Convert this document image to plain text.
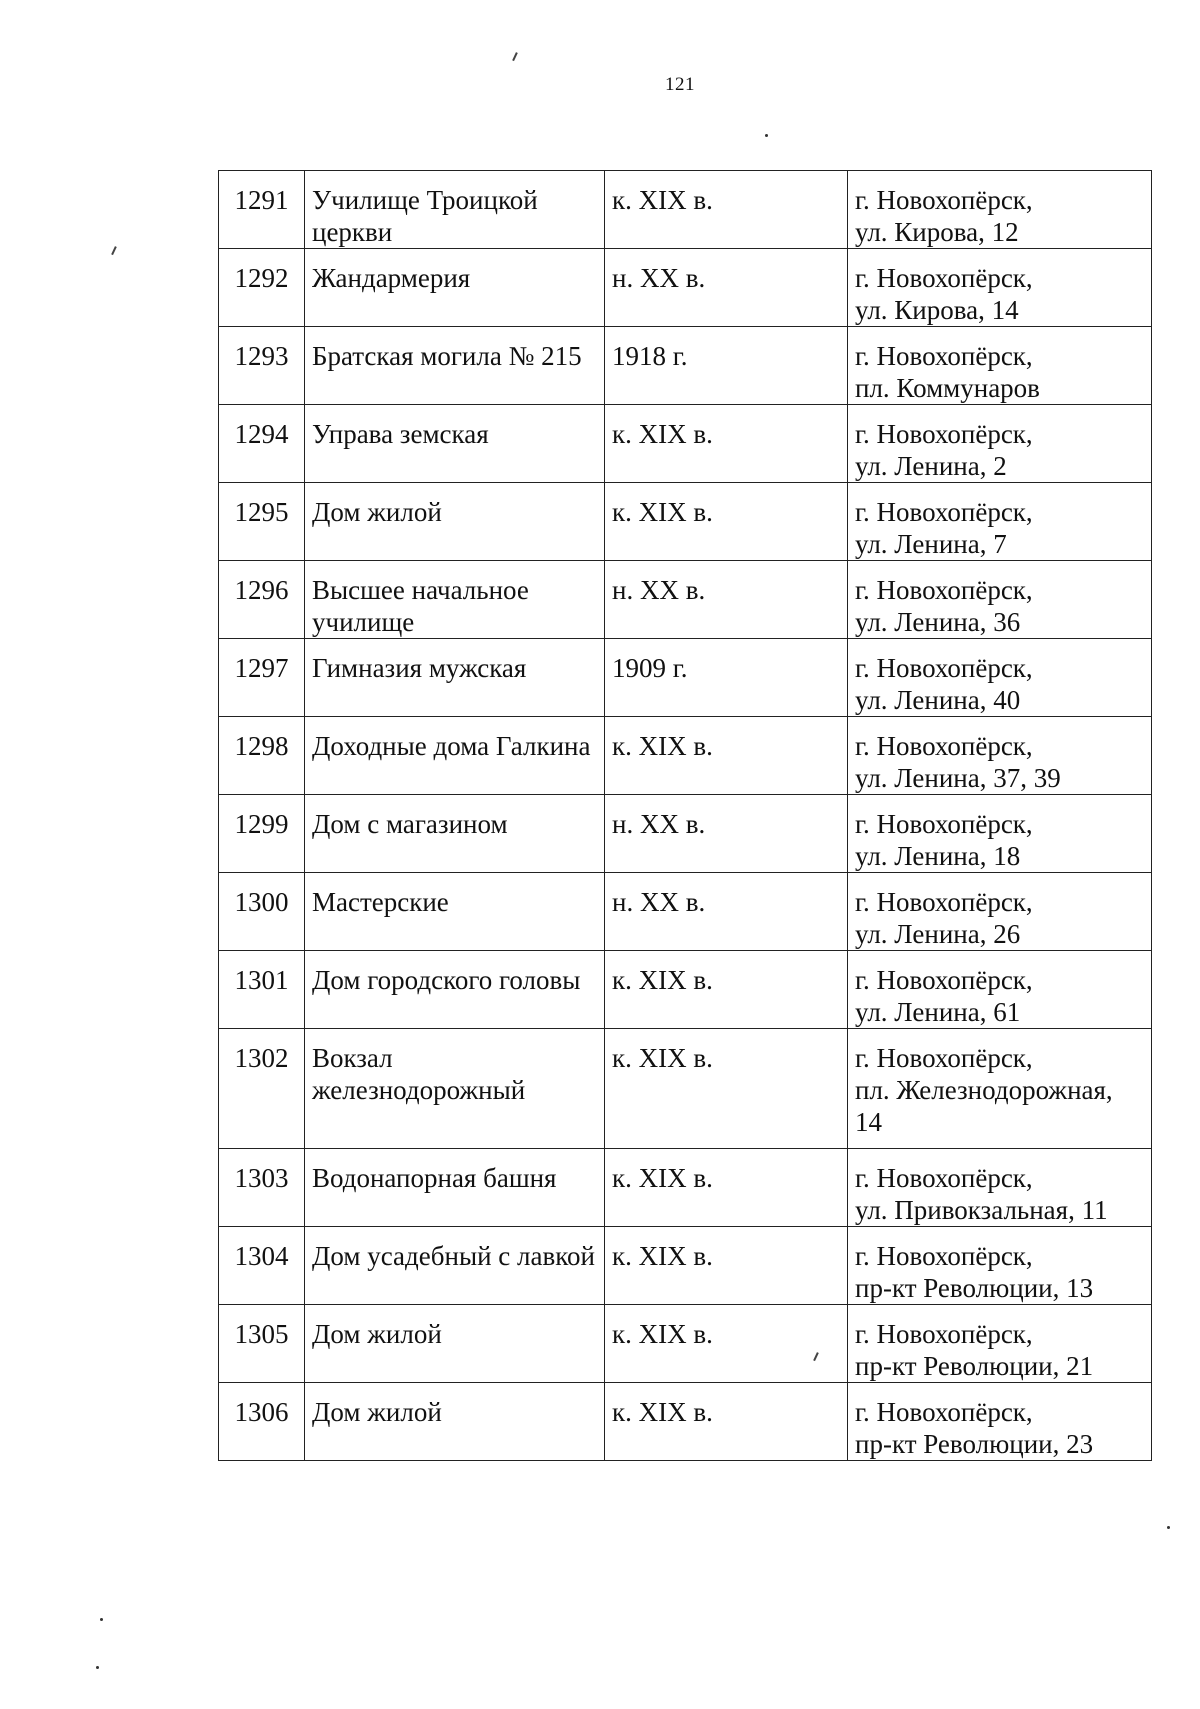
121
1291	Училище Троицкой церкви	к. XIX в.	г. Новохопёрск,
ул. Кирова, 12

1292	Жандармерия	н. XX в.	г. Новохопёрск,
ул. Кирова, 14

1293	Братская могила № 215	1918 г.	г. Новохопёрск,
пл. Коммунаров

1294	Управа земская	к. XIX в.	г. Новохопёрск,
ул. Ленина, 2

1295	Дом жилой	к. XIX в.	г. Новохопёрск,
ул. Ленина, 7

1296	Высшее начальное училище	н. XX в.	г. Новохопёрск,
ул. Ленина, 36

1297	Гимназия мужская	1909 г.	г. Новохопёрск,
ул. Ленина, 40

1298	Доходные дома Галкина	к. XIX в.	г. Новохопёрск,
ул. Ленина, 37, 39

1299	Дом с магазином	н. XX в.	г. Новохопёрск,
ул. Ленина, 18

1300	Мастерские	н. XX в.	г. Новохопёрск,
ул. Ленина, 26

1301	Дом городского головы	к. XIX в.	г. Новохопёрск,
ул. Ленина, 61

1302	Вокзал железнодорожный	к. XIX в.	г. Новохопёрск,
пл. Железнодорожная,
14

1303	Водонапорная башня	к. XIX в.	г. Новохопёрск,
ул. Привокзальная, 11

1304	Дом усадебный с лавкой	к. XIX в.	г. Новохопёрск,
пр-кт Революции, 13

1305	Дом жилой	к. XIX в.	г. Новохопёрск,
пр-кт Революции, 21

1306	Дом жилой	к. XIX в.	г. Новохопёрск,
пр-кт Революции, 23
